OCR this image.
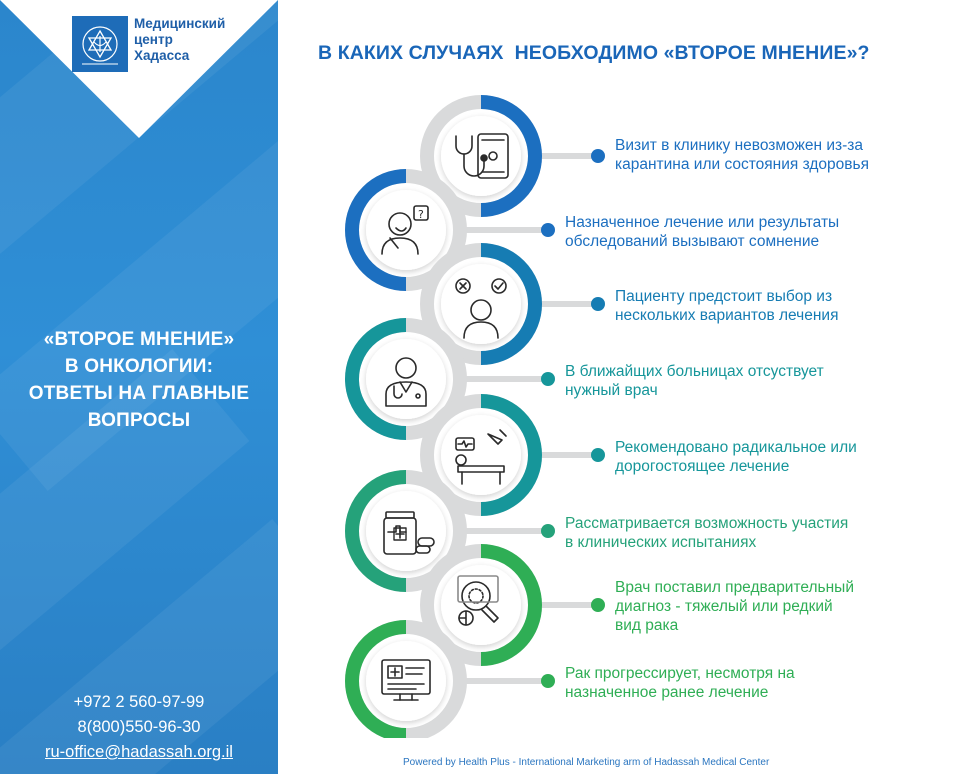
Медицинский
центр
Хадасса
«ВТОРОЕ МНЕНИЕ»
В ОНКОЛОГИИ:
ОТВЕТЫ НА ГЛАВНЫЕ
ВОПРОСЫ
+972 2 560-97-99
8(800)550-96-30
ru-office@hadassah.org.il
В КАКИХ СЛУЧАЯХ  НЕОБХОДИМО «ВТОРОЕ МНЕНИЕ»?
?
Визит в клинику невозможен из-за
карантина или состояния здоровья
Назначенное лечение или результаты
обследований вызывают сомнение
Пациенту предстоит выбор из
нескольких вариантов лечения
В ближайщих больницах отсуствует
нужный врач
Рекомендовано радикальное или
дорогостоящее лечение
Рассматривается возможность участия
в клинических испытаниях
Врач поставил предварительный
диагноз - тяжелый или редкий
вид рака
Рак прогрессирует, несмотря на
назначенное ранее лечение
Powered by Health Plus - International Marketing arm of Hadassah Medical Center
